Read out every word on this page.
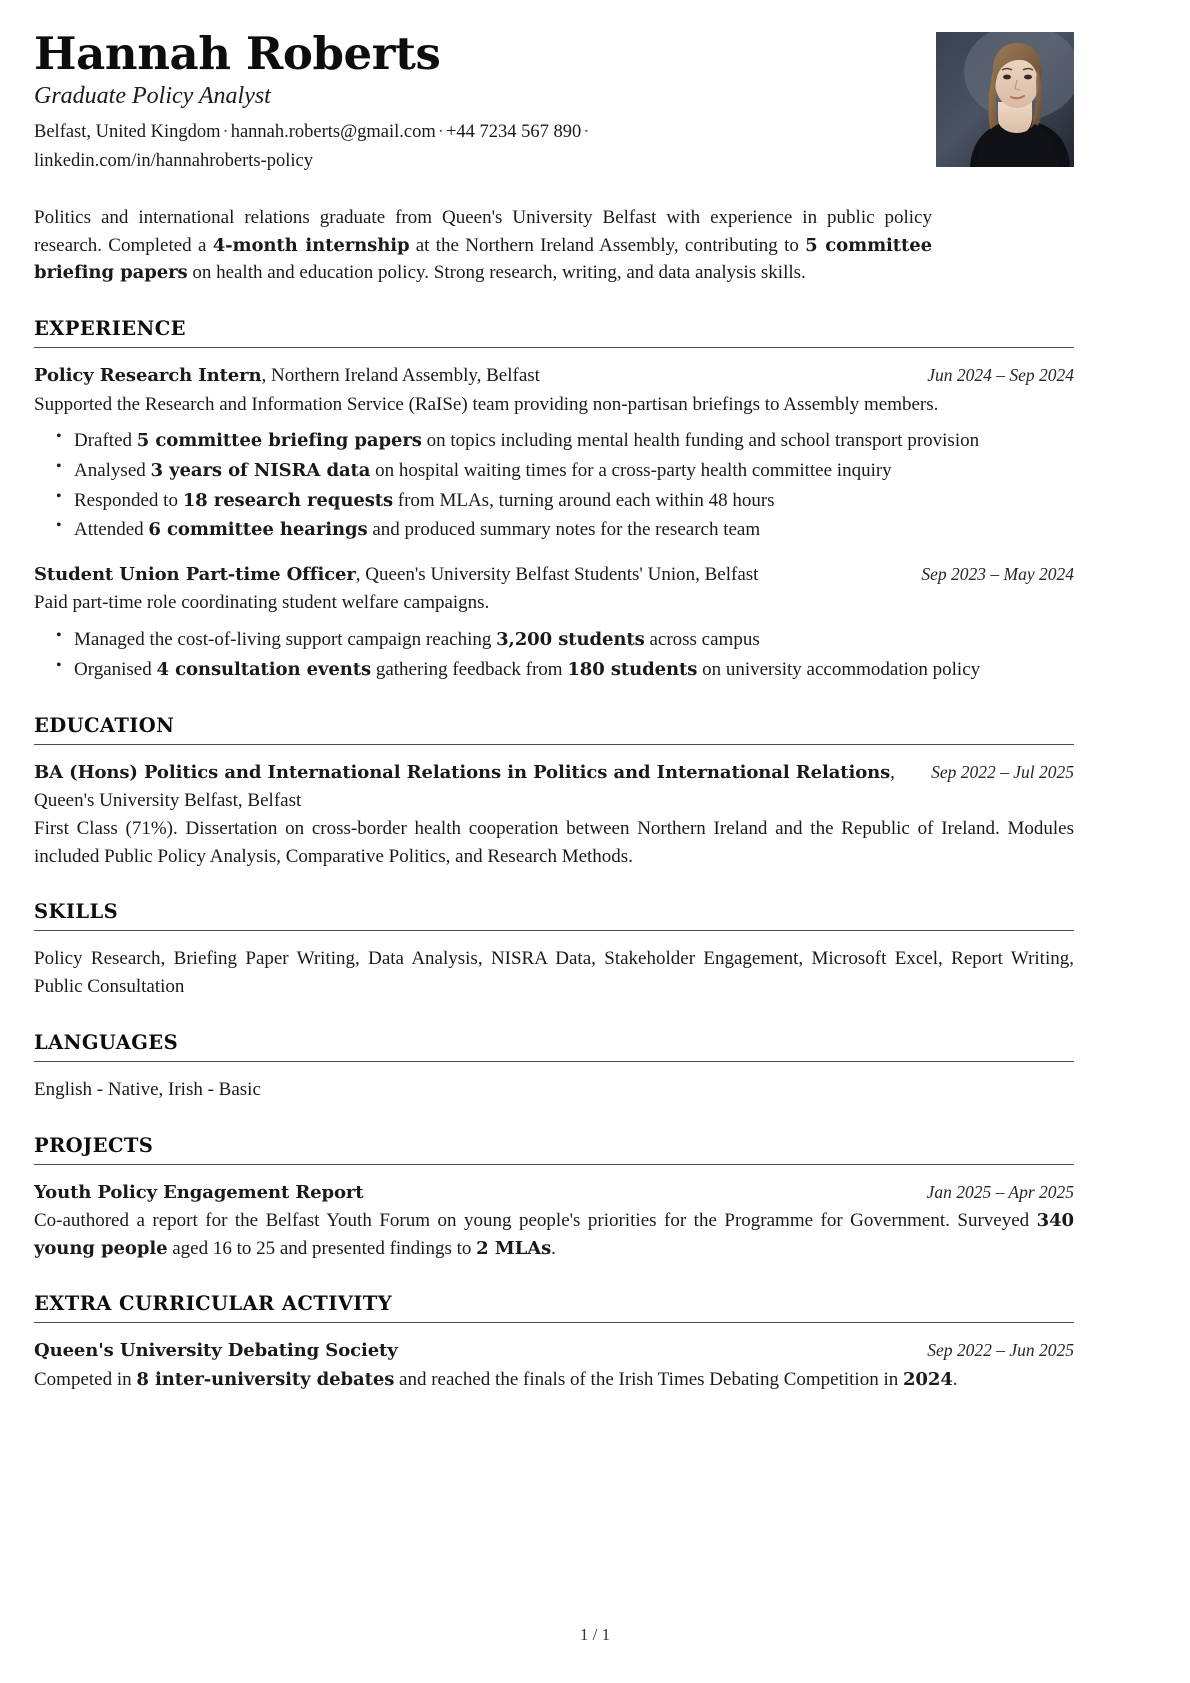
Hannah Roberts
Graduate Policy Analyst
Belfast, United Kingdom · hannah.roberts@gmail.com · +44 7234 567 890 · linkedin.com/in/hannahroberts-policy
Politics and international relations graduate from Queen's University Belfast with experience in public policy research. Completed a 4-month internship at the Northern Ireland Assembly, contributing to 5 committee briefing papers on health and education policy. Strong research, writing, and data analysis skills.
EXPERIENCE
Policy Research Intern, Northern Ireland Assembly, Belfast	Jun 2024 – Sep 2024
Supported the Research and Information Service (RaISe) team providing non-partisan briefings to Assembly members.
• Drafted 5 committee briefing papers on topics including mental health funding and school transport provision
• Analysed 3 years of NISRA data on hospital waiting times for a cross-party health committee inquiry
• Responded to 18 research requests from MLAs, turning around each within 48 hours
• Attended 6 committee hearings and produced summary notes for the research team
Student Union Part-time Officer, Queen's University Belfast Students' Union, Belfast	Sep 2023 – May 2024
Paid part-time role coordinating student welfare campaigns.
• Managed the cost-of-living support campaign reaching 3,200 students across campus
• Organised 4 consultation events gathering feedback from 180 students on university accommodation policy
EDUCATION
BA (Hons) Politics and International Relations in Politics and International Relations, Queen's University Belfast, Belfast
Sep 2022 – Jul 2025
First Class (71%). Dissertation on cross-border health cooperation between Northern Ireland and the Republic of Ireland. Modules included Public Policy Analysis, Comparative Politics, and Research Methods.
SKILLS
Policy Research, Briefing Paper Writing, Data Analysis, NISRA Data, Stakeholder Engagement, Microsoft Excel, Report Writing, Public Consultation
LANGUAGES
English - Native, Irish - Basic
PROJECTS
Youth Policy Engagement Report	Jan 2025 – Apr 2025
Co-authored a report for the Belfast Youth Forum on young people's priorities for the Programme for Government. Surveyed 340 young people aged 16 to 25 and presented findings to 2 MLAs.
EXTRA CURRICULAR ACTIVITY
Queen's University Debating Society	Sep 2022 – Jun 2025
Competed in 8 inter-university debates and reached the finals of the Irish Times Debating Competition in 2024.
1 / 1
